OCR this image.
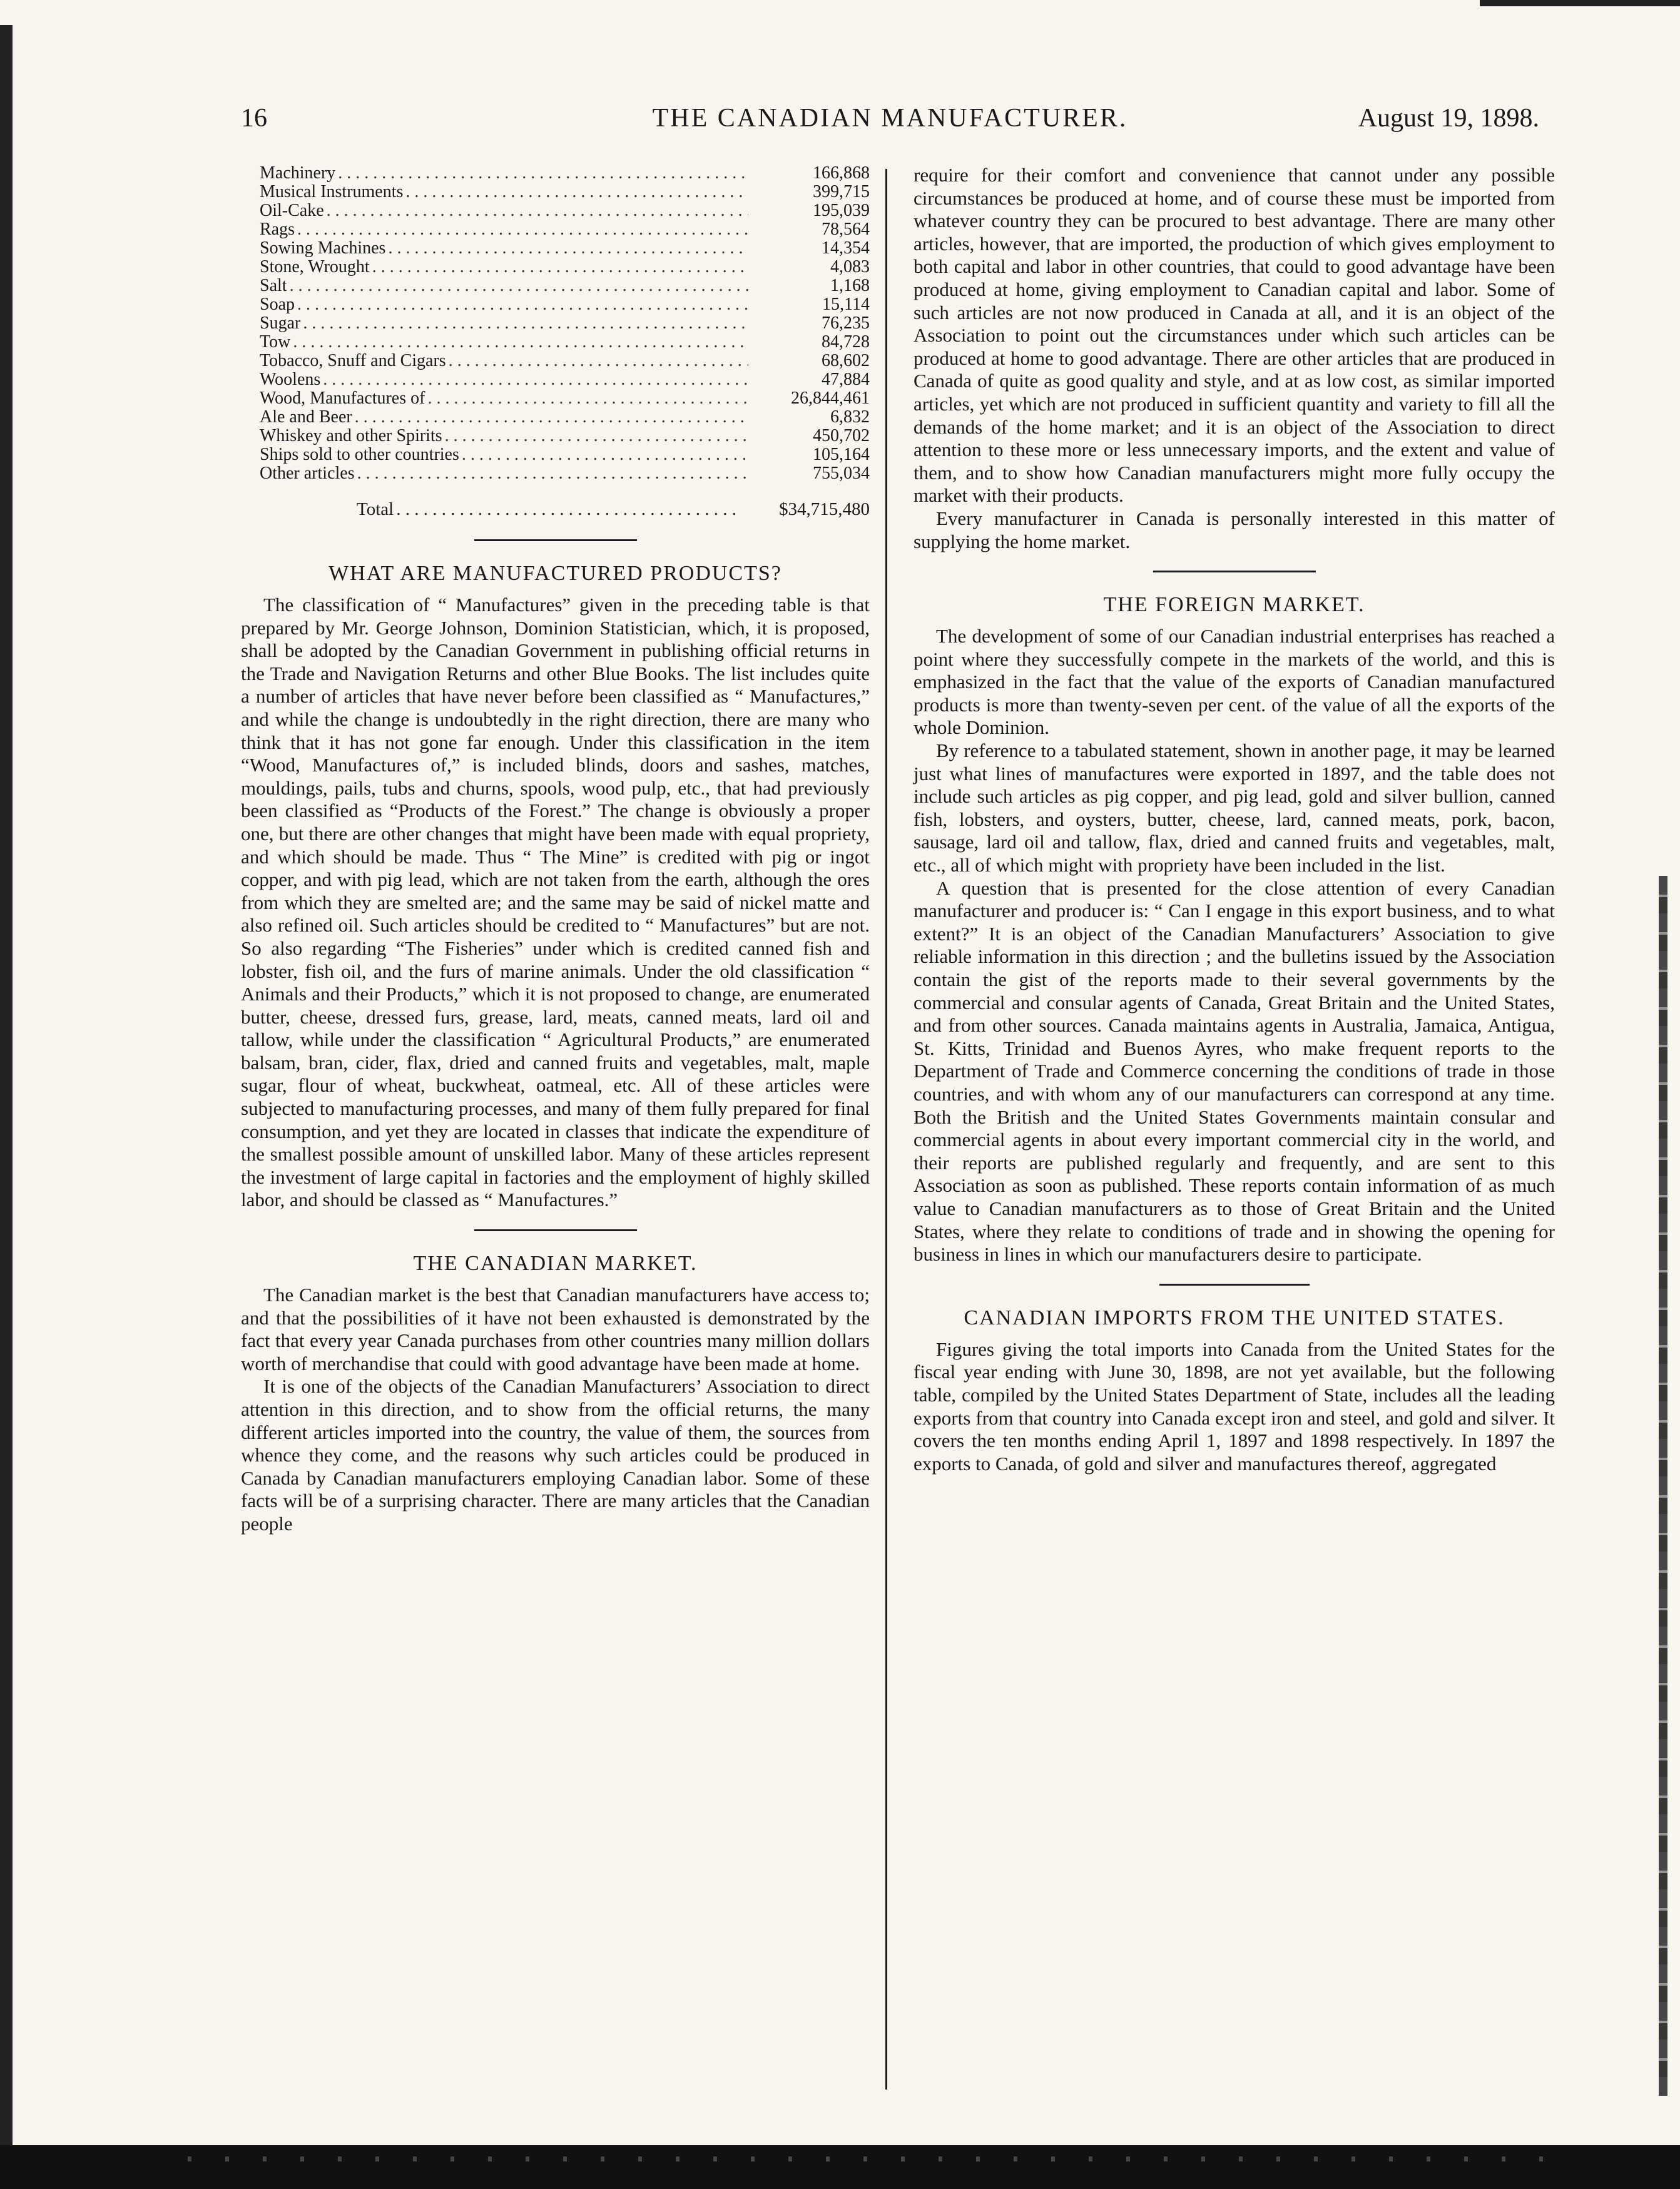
16	THE CANADIAN MANUFACTURER.	August 19, 1898.
Machinery . . .	166,868
Musical Instruments . . .	399,715
Oil-Cake . . .	195,039
Rags . . .	78,564
Sowing Machines . . .	14,354
Stone, Wrought . . .	4,083
Salt . . .	1,168
Soap . . .	15,114
Sugar . . .	76,235
Tow . . .	84,728
Tobacco, Snuff and Cigars . . .	68,602
Woolens . . .	47,884
Wood, Manufactures of . . .	26,844,461
Ale and Beer . . .	6,832
Whiskey and other Spirits . . .	450,702
Ships sold to other countries . . .	105,164
Other articles . . .	755,034
Total . . .	$34,715,480
WHAT ARE MANUFACTURED PRODUCTS?

The classification of “ Manufactures” given in the preceding table is that prepared by Mr. George Johnson, Dominion Statistician, which, it is proposed, shall be adopted by the Canadian Government in publishing official returns in the Trade and Navigation Returns and other Blue Books. The list includes quite a number of articles that have never before been classified as “ Manufactures,” and while the change is undoubtedly in the right direction, there are many who think that it has not gone far enough. Under this classification in the item “Wood, Manufactures of,” is included blinds, doors and sashes, matches, mouldings, pails, tubs and churns, spools, wood pulp, etc., that had previously been classified as “Products of the Forest.” The change is obviously a proper one, but there are other changes that might have been made with equal propriety, and which should be made. Thus “ The Mine” is credited with pig or ingot copper, and with pig lead, which are not taken from the earth, although the ores from which they are smelted are; and the same may be said of nickel matte and also refined oil. Such articles should be credited to “ Manufactures” but are not. So also regarding “The Fisheries” under which is credited canned fish and lobster, fish oil, and the furs of marine animals. Under the old classification “ Animals and their Products,” which it is not proposed to change, are enumerated butter, cheese, dressed furs, grease, lard, meats, canned meats, lard oil and tallow, while under the classification “ Agricultural Products,” are enumerated balsam, bran, cider, flax, dried and canned fruits and vegetables, malt, maple sugar, flour of wheat, buckwheat, oatmeal, etc. All of these articles were subjected to manufacturing processes, and many of them fully prepared for final consumption, and yet they are located in classes that indicate the expenditure of the smallest possible amount of unskilled labor. Many of these articles represent the investment of large capital in factories and the employment of highly skilled labor, and should be classed as “ Manufactures.”

THE CANADIAN MARKET.

The Canadian market is the best that Canadian manufacturers have access to; and that the possibilities of it have not been exhausted is demonstrated by the fact that every year Canada purchases from other countries many million dollars worth of merchandise that could with good advantage have been made at home.

It is one of the objects of the Canadian Manufacturers’ Association to direct attention in this direction, and to show from the official returns, the many different articles imported into the country, the value of them, the sources from whence they come, and the reasons why such articles could be produced in Canada by Canadian manufacturers employing Canadian labor. Some of these facts will be of a surprising character. There are many articles that the Canadian people

require for their comfort and convenience that cannot under any possible circumstances be produced at home, and of course these must be imported from whatever country they can be procured to best advantage. There are many other articles, however, that are imported, the production of which gives employment to both capital and labor in other countries, that could to good advantage have been produced at home, giving employment to Canadian capital and labor. Some of such articles are not now produced in Canada at all, and it is an object of the Association to point out the circumstances under which such articles can be produced at home to good advantage. There are other articles that are produced in Canada of quite as good quality and style, and at as low cost, as similar imported articles, yet which are not produced in sufficient quantity and variety to fill all the demands of the home market; and it is an object of the Association to direct attention to these more or less unnecessary imports, and the extent and value of them, and to show how Canadian manufacturers might more fully occupy the market with their products.

Every manufacturer in Canada is personally interested in this matter of supplying the home market.

THE FOREIGN MARKET.

The development of some of our Canadian industrial enterprises has reached a point where they successfully compete in the markets of the world, and this is emphasized in the fact that the value of the exports of Canadian manufactured products is more than twenty-seven per cent. of the value of all the exports of the whole Dominion.

By reference to a tabulated statement, shown in another page, it may be learned just what lines of manufactures were exported in 1897, and the table does not include such articles as pig copper, and pig lead, gold and silver bullion, canned fish, lobsters, and oysters, butter, cheese, lard, canned meats, pork, bacon, sausage, lard oil and tallow, flax, dried and canned fruits and vegetables, malt, etc., all of which might with propriety have been included in the list.

A question that is presented for the close attention of every Canadian manufacturer and producer is: “ Can I engage in this export business, and to what extent?” It is an object of the Canadian Manufacturers’ Association to give reliable information in this direction ; and the bulletins issued by the Association contain the gist of the reports made to their several governments by the commercial and consular agents of Canada, Great Britain and the United States, and from other sources. Canada maintains agents in Australia, Jamaica, Antigua, St. Kitts, Trinidad and Buenos Ayres, who make frequent reports to the Department of Trade and Commerce concerning the conditions of trade in those countries, and with whom any of our manufacturers can correspond at any time. Both the British and the United States Governments maintain consular and commercial agents in about every important commercial city in the world, and their reports are published regularly and frequently, and are sent to this Association as soon as published. These reports contain information of as much value to Canadian manufacturers as to those of Great Britain and the United States, where they relate to conditions of trade and in showing the opening for business in lines in which our manufacturers desire to participate.

CANADIAN IMPORTS FROM THE UNITED STATES.

Figures giving the total imports into Canada from the United States for the fiscal year ending with June 30, 1898, are not yet available, but the following table, compiled by the United States Department of State, includes all the leading exports from that country into Canada except iron and steel, and gold and silver. It covers the ten months ending April 1, 1897 and 1898 respectively. In 1897 the exports to Canada, of gold and silver and manufactures thereof, aggregated
